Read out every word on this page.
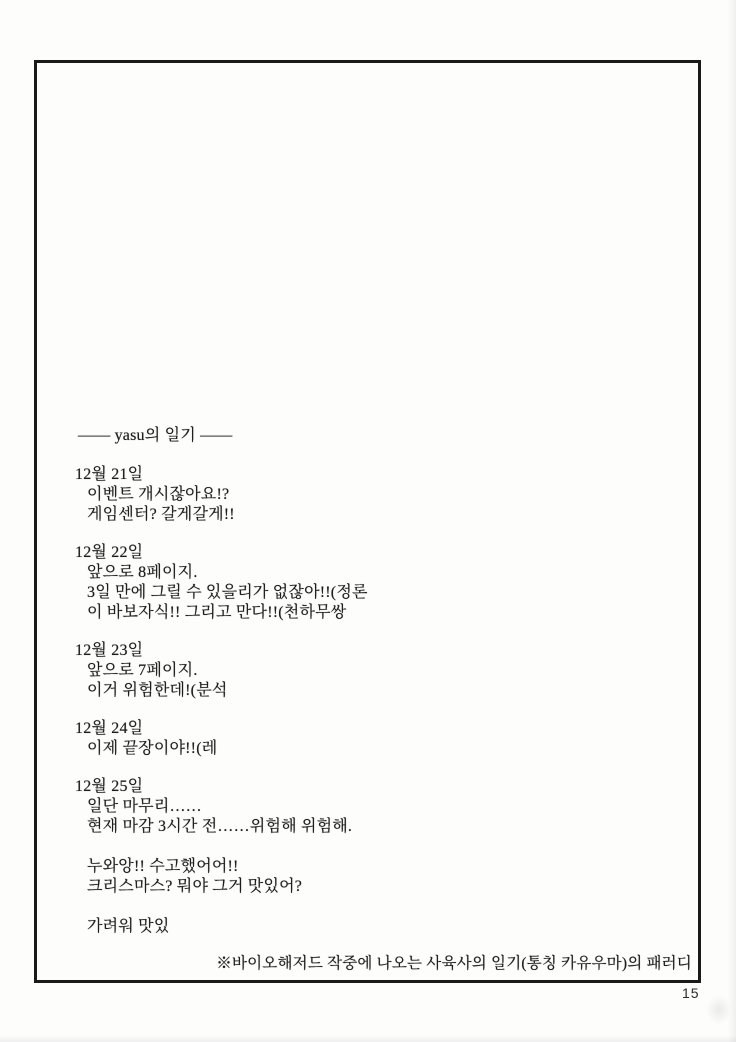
—— yasu의 일기 ——
12월 21일
이벤트 개시잖아요!?
게임센터? 갈게갈게!!
12월 22일
앞으로 8페이지.
3일 만에 그릴 수 있을리가 없잖아!!(정론
이 바보자식!! 그리고 만다!!(천하무쌍
12월 23일
앞으로 7페이지.
이거 위험한데!(분석
12월 24일
이제 끝장이야!!(레
12월 25일
일단 마무리……
현재 마감 3시간 전……위험해 위험해.
누와앙!! 수고했어어!!
크리스마스? 뭐야 그거 맛있어?
가려워 맛있
※바이오해저드 작중에 나오는 사육사의 일기(통칭 카유우마)의 패러디
15
